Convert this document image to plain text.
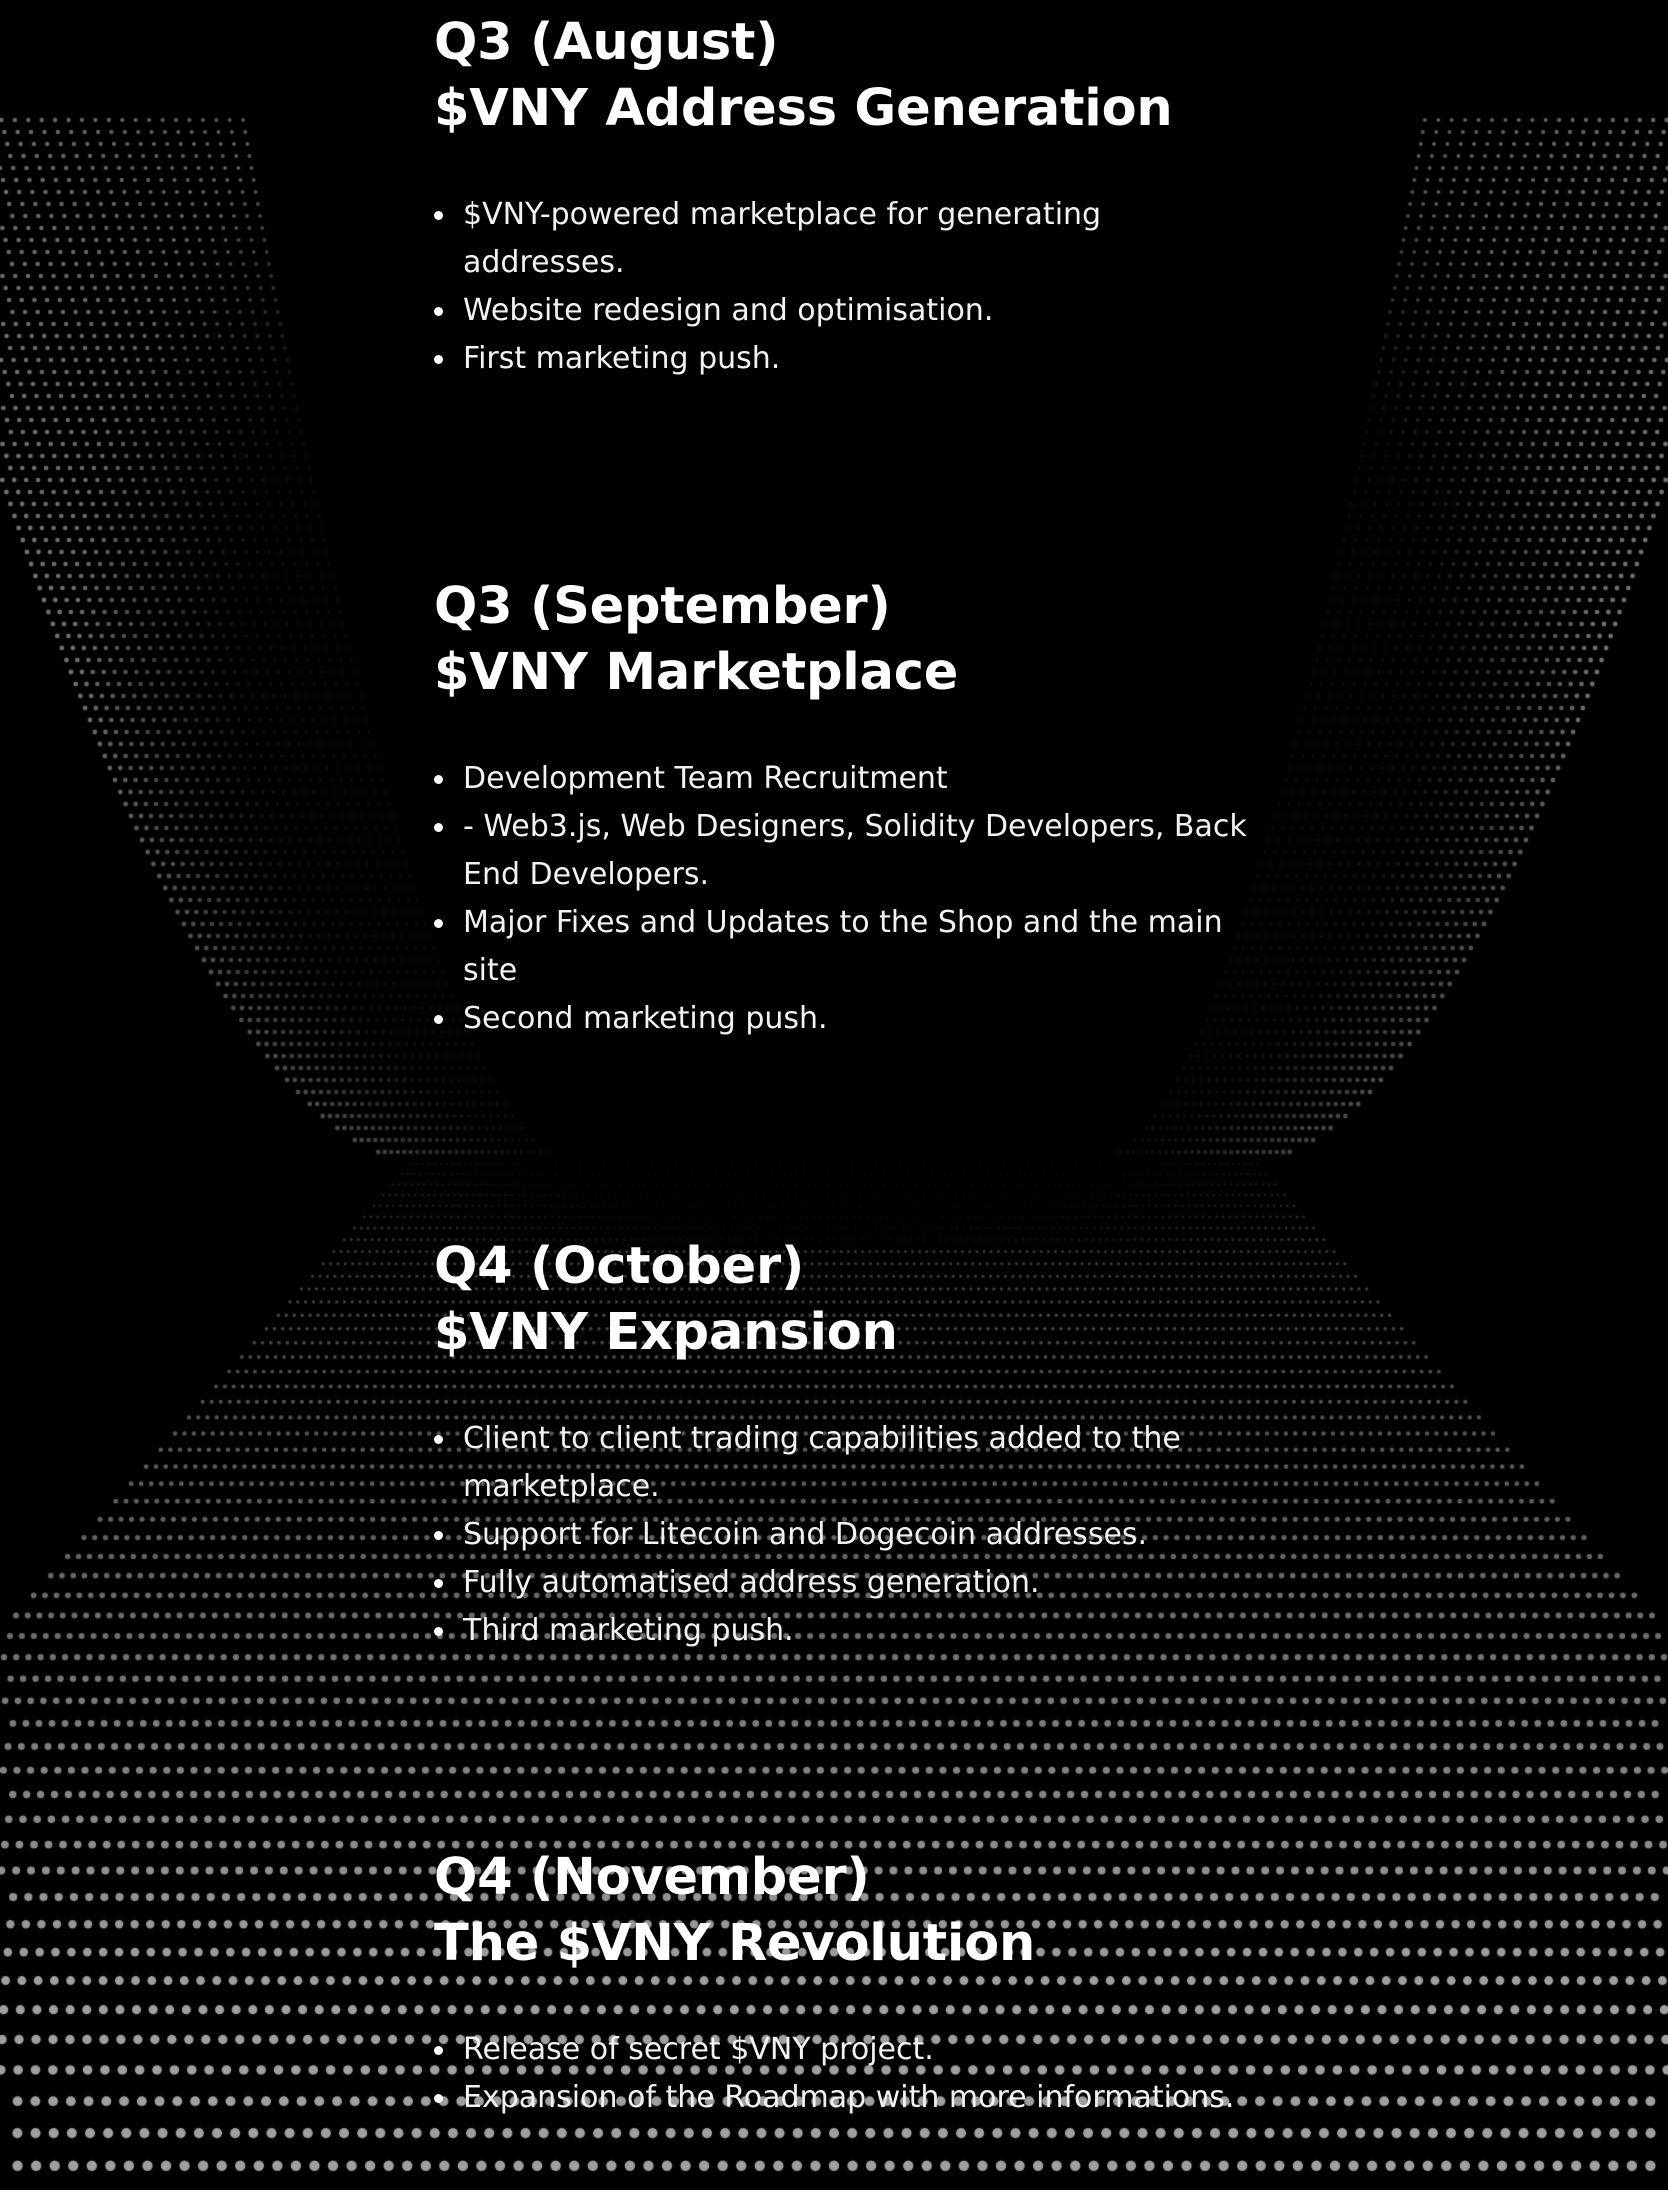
Q3 (August)
$VNY Address Generation
$VNY-powered marketplace for generating addresses.
Website redesign and optimisation.
First marketing push.
Q3 (September)
$VNY Marketplace
Development Team Recruitment
- Web3.js, Web Designers, Solidity Developers, Back End Developers.
Major Fixes and Updates to the Shop and the main site
Second marketing push.
Q4 (October)
$VNY Expansion
Client to client trading capabilities added to the marketplace.
Support for Litecoin and Dogecoin addresses.
Fully automatised address generation.
Third marketing push.
Q4 (November)
The $VNY Revolution
Release of secret $VNY project.
Expansion of the Roadmap with more informations.
